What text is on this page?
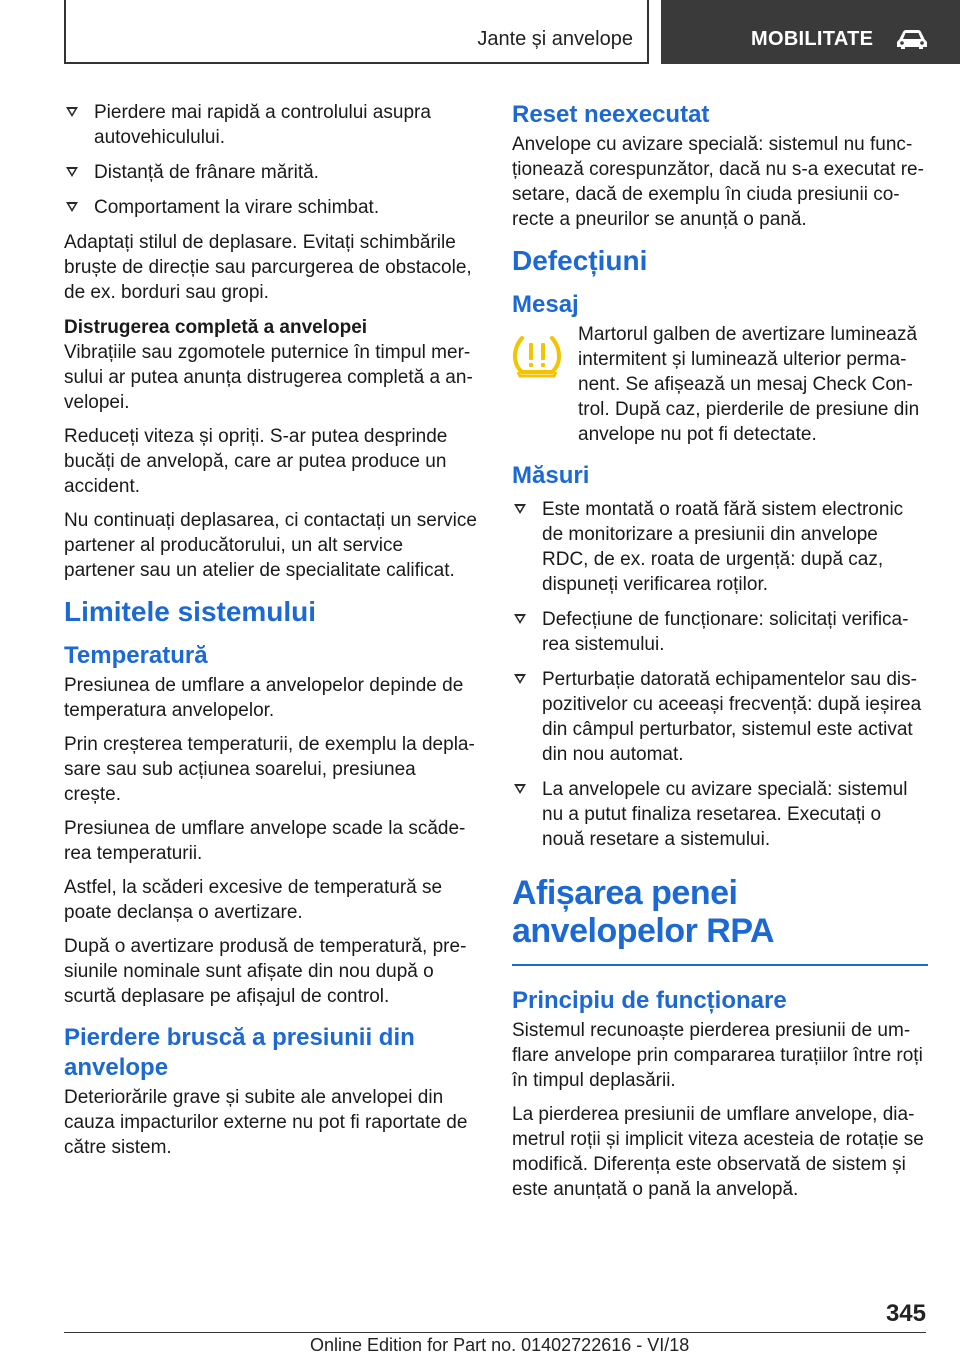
Jante și anvelope	MOBILITATE
Pierdere mai rapidă a controlului asupra autovehiculului.
Distanță de frânare mărită.
Comportament la virare schimbat.

Adaptați stilul de deplasare. Evitați schimbările bruște de direcție sau parcurgerea de obstacole, de ex. borduri sau gropi.

Distrugerea completă a anvelopei

Vibrațiile sau zgomotele puternice în timpul mersului ar putea anunța distrugerea completă a anvelopei.

Reduceți viteza și opriți. S-ar putea desprinde bucăți de anvelopă, care ar putea produce un accident.

Nu continuați deplasarea, ci contactați un service partener al producătorului, un alt service partener sau un atelier de specialitate calificat.

Limitele sistemului
Temperatură

Presiunea de umflare a anvelopelor depinde de temperatura anvelopelor.

Prin creșterea temperaturii, de exemplu la deplasare sau sub acțiunea soarelui, presiunea crește.

Presiunea de umflare anvelope scade la scăderea temperaturii.

Astfel, la scăderi excesive de temperatură se poate declanșa o avertizare.

După o avertizare produsă de temperatură, presiunile nominale sunt afișate din nou după o scurtă deplasare pe afișajul de control.

Pierdere bruscă a presiunii din anvelope

Deteriorările grave și subite ale anvelopei din cauza impacturilor externe nu pot fi raportate de către sistem.

Reset neexecutat

Anvelope cu avizare specială: sistemul nu funcționează corespunzător, dacă nu s-a executat resetare, dacă de exemplu în ciuda presiunii corecte a pneurilor se anunță o pană.

Defecțiuni
Mesaj

Martorul galben de avertizare luminează intermitent și luminează ulterior permanent. Se afișează un mesaj Check Control. După caz, pierderile de presiune din anvelope nu pot fi detectate.

Măsuri
Este montată o roată fără sistem electronic de monitorizare a presiunii din anvelope RDC, de ex. roata de urgență: după caz, dispuneți verificarea roților.
Defecțiune de funcționare: solicitați verificarea sistemului.
Perturbație datorată echipamentelor sau dispozitivelor cu aceeași frecvență: după ieșirea din câmpul perturbator, sistemul este activat din nou automat.
La anvelopele cu avizare specială: sistemul nu a putut finaliza resetarea. Executați o nouă resetare a sistemului.
Afișarea penei anvelopelor RPA
Principiu de funcționare

Sistemul recunoaște pierderea presiunii de umflare anvelope prin compararea turațiilor între roți în timpul deplasării.

La pierderea presiunii de umflare anvelope, diametrul roții și implicit viteza acesteia de rotație se modifică. Diferența este observată de sistem și este anunțată o pană la anvelopă.

345
Online Edition for Part no. 01402722616 - VI/18
